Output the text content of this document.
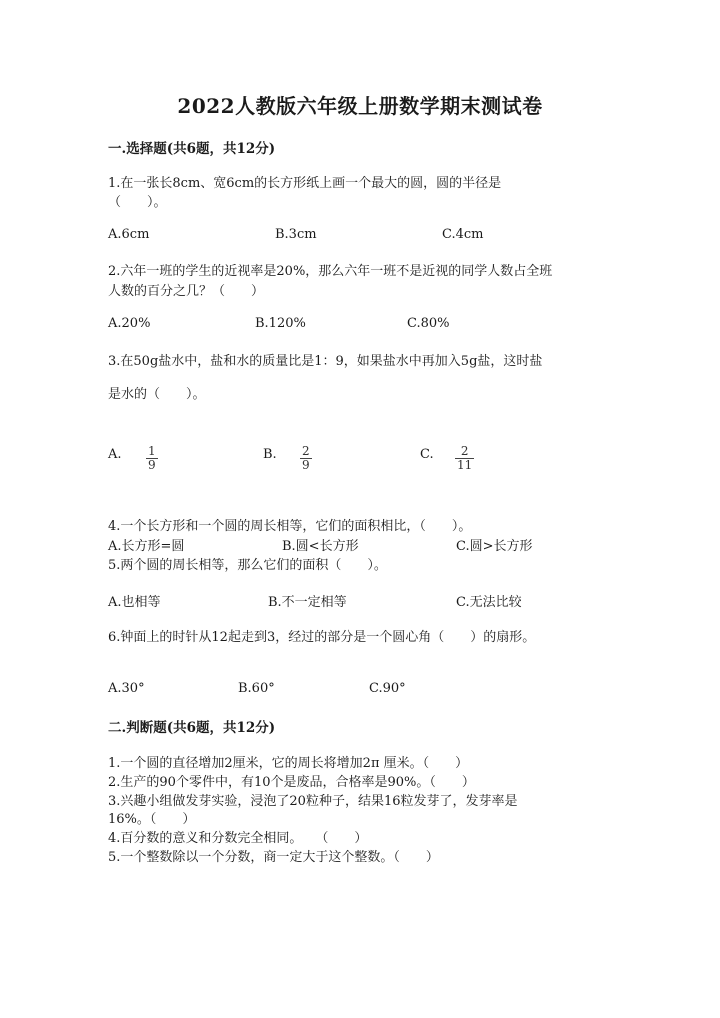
2022人教版六年级上册数学期末测试卷
一.选择题(共6题，共12分)
1.在一张长8cm、宽6cm的长方形纸上画一个最大的圆，圆的半径是
（　　）。
A.6cm	B.3cm	C.4cm
2.六年一班的学生的近视率是20%，那么六年一班不是近视的同学人数占全班
人数的百分之几？（　　）
A.20%	B.120%	C.80%
3.在50g盐水中，盐和水的质量比是1：9，如果盐水中再加入5g盐，这时盐
是水的（　　）。
A. $\frac{1}{9}$	B. $\frac{2}{9}$	C. $\frac{2}{11}$
4.一个长方形和一个圆的周长相等，它们的面积相比，（　　）。
A.长方形=圆	B.圆<长方形	C.圆>长方形
5.两个圆的周长相等，那么它们的面积（　　）。
A.也相等	B.不一定相等	C.无法比较
6.钟面上的时针从12起走到3，经过的部分是一个圆心角（　　）的扇形。
A.30°	B.60°	C.90°
二.判断题(共6题，共12分)
1.一个圆的直径增加2厘米，它的周长将增加2π 厘米。（　　）
2.生产的90个零件中，有10个是废品，合格率是90%。（　　）
3.兴趣小组做发芽实验，浸泡了20粒种子，结果16粒发芽了，发芽率是
16%。（　　）
4.百分数的意义和分数完全相同。　　（　　）
5.一个整数除以一个分数，商一定大于这个整数。（　　）
